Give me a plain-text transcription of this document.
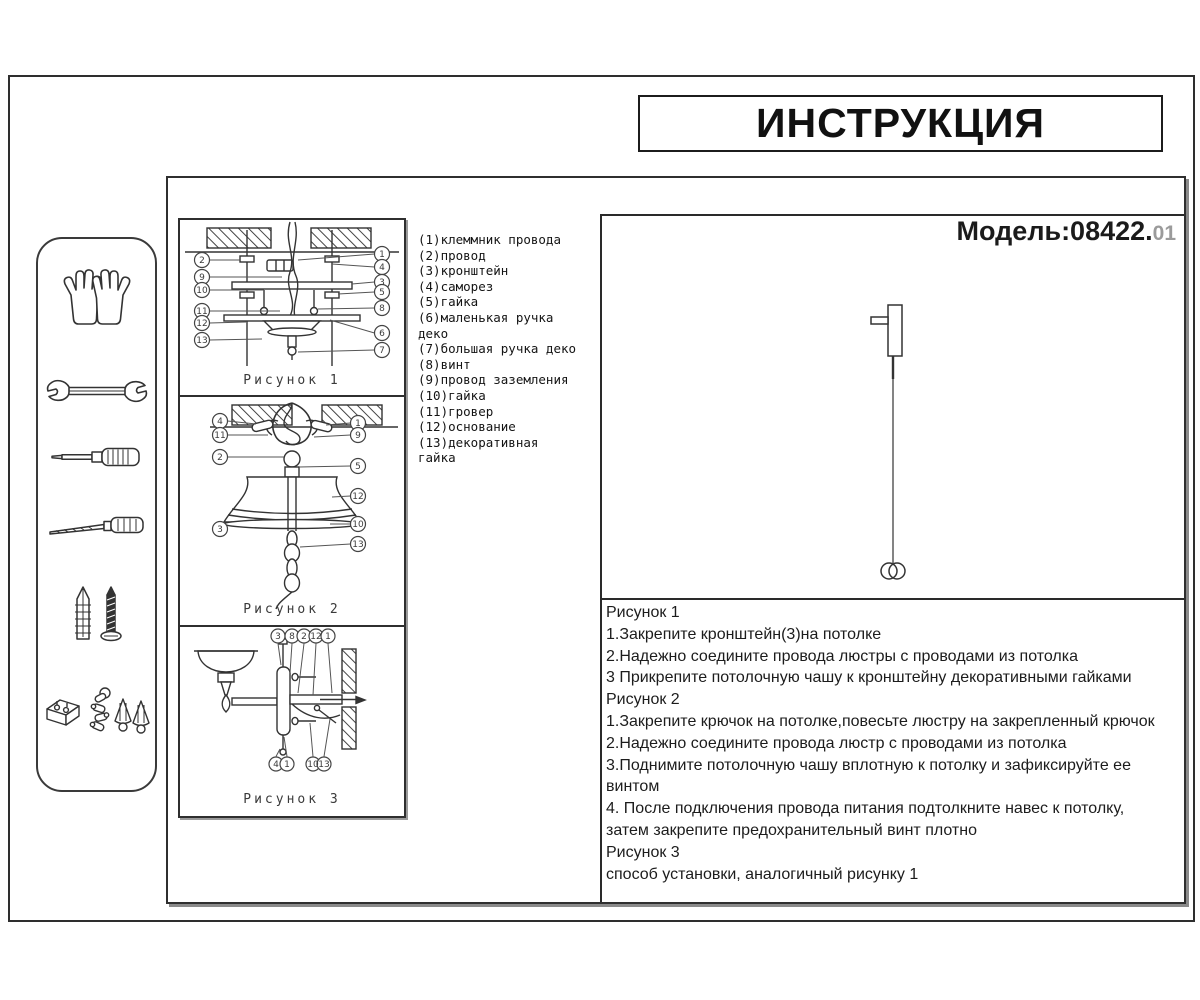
ИНСТРУКЦИЯ
2
9
10
11
12
13
1
4
3
5
8
6
7
Рисунок 1
4
11
2
3
1
9
5
12
10
13
Рисунок 2
3 8 2 12 1
4 1 10 13
Рисунок 3
(1)клеммник провода
(2)провод
(3)кронштейн
(4)саморез
(5)гайка
(6)маленькая ручка деко
(7)большая ручка деко
(8)винт
(9)провод заземления
(10)гайка
(11)гровер
(12)основание
(13)декоративная гайка
Модель:08422.01
Рисунок 1
1.Закрепите кронштейн(3)на потолке
2.Надежно соедините провода люстры с проводами из потолка
3 Прикрепите потолочную чашу к кронштейну декоративными гайками
Рисунок 2
1.Закрепите крючок на потолке,повесьте люстру на закрепленный крючок
2.Надежно соедините провода люстр с проводами из потолка
3.Поднимите потолочную чашу вплотную к потолку и зафиксируйте ее
винтом
4. После подключения провода питания подтолкните навес к потолку,
затем закрепите предохранительный винт плотно
Рисунок 3
способ установки, аналогичный рисунку 1
